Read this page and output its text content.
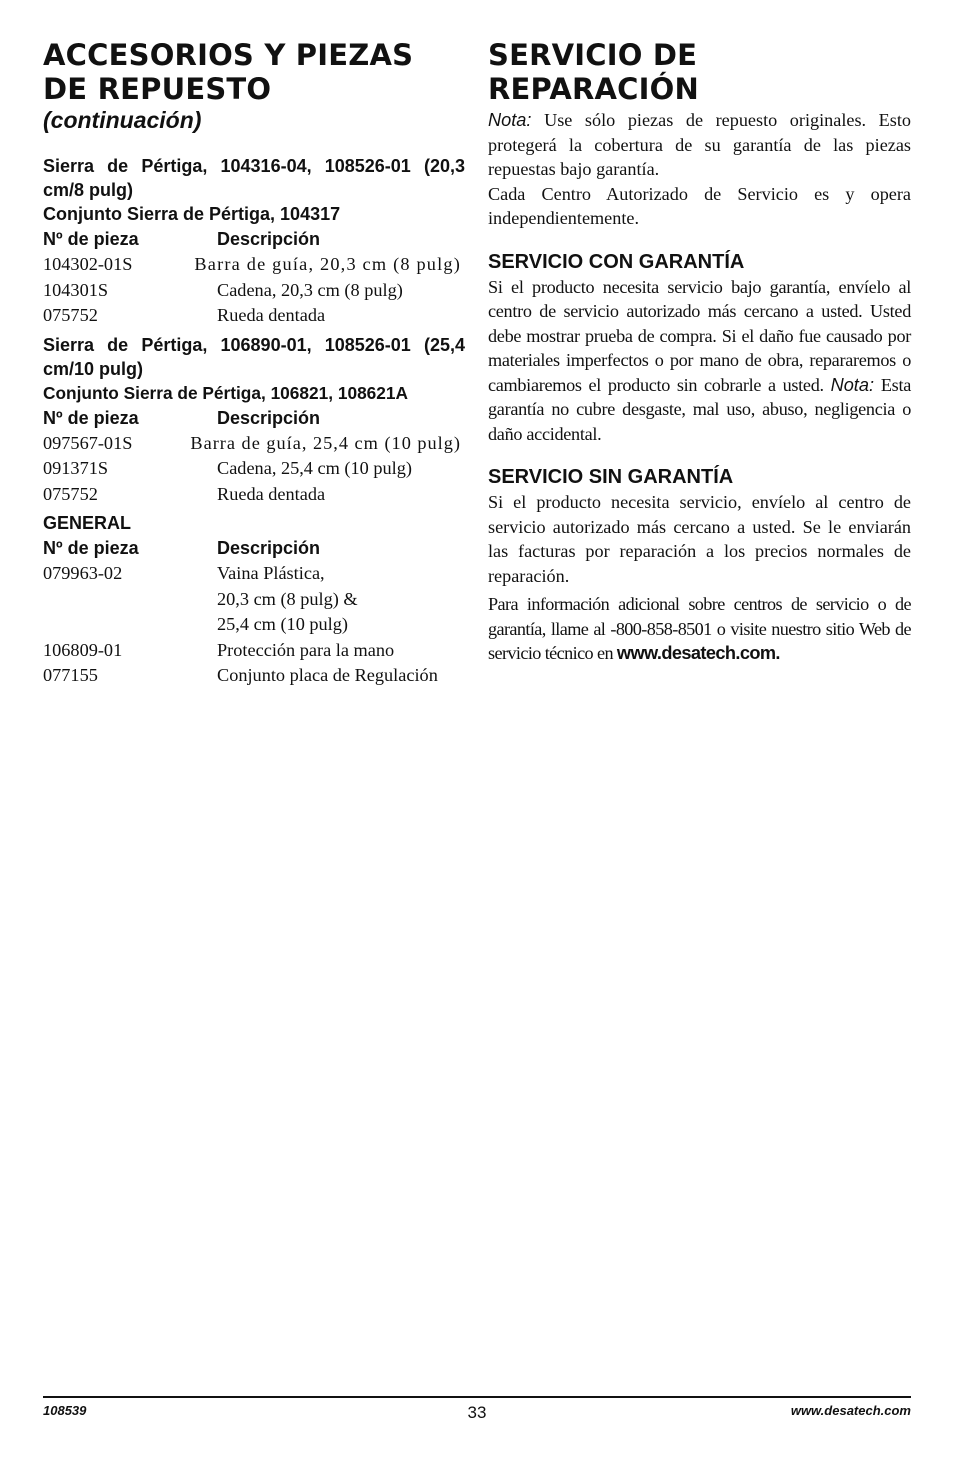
ACCESORIOS Y PIEZAS
DE REPUESTO
(continuación)
Sierra de Pértiga, 104316-04, 108526-01 (20,3 cm/8 pulg)
Conjunto Sierra de Pértiga, 104317
Nº de pieza	Descripción
104302-01S	Barra de guía, 20,3 cm (8 pulg)
104301S	Cadena, 20,3 cm (8 pulg)
075752	Rueda dentada
Sierra de Pértiga, 106890-01, 108526-01 (25,4 cm/10 pulg)
Conjunto Sierra de Pértiga, 106821, 108621A
Nº de pieza	Descripción
097567-01S	Barra de guía, 25,4 cm (10 pulg)
091371S	Cadena, 25,4 cm (10 pulg)
075752	Rueda dentada
GENERAL
Nº de pieza	Descripción
079963-02	Vaina Plástica,
20,3 cm (8 pulg) &
25,4 cm (10 pulg)
106809-01	Protección para la mano
077155	Conjunto placa de Regulación
SERVICIO DE
REPARACIÓN

Nota: Use sólo piezas de repuesto originales. Esto protegerá la cobertura de su garantía de las piezas repuestas bajo garantía.

Cada Centro Autorizado de Servicio es y opera independientemente.

SERVICIO CON GARANTÍA

Si el producto necesita servicio bajo garantía, envíelo al centro de servicio autorizado más cercano a usted. Usted debe mostrar prueba de compra. Si el daño fue causado por materiales imperfectos o por mano de obra, repararemos o cambiaremos el producto sin cobrarle a usted. Nota: Esta garantía no cubre desgaste, mal uso, abuso, negligencia o daño accidental.

SERVICIO SIN GARANTÍA

Si el producto necesita servicio, envíelo al centro de servicio autorizado más cercano a usted. Se le enviarán las facturas por reparación a los precios normales de reparación.

Para información adicional sobre centros de servicio o de garantía, llame al -800-858-8501 o visite nuestro sitio Web de servicio técnico en www.desatech.com.

108539	33	www.desatech.com
